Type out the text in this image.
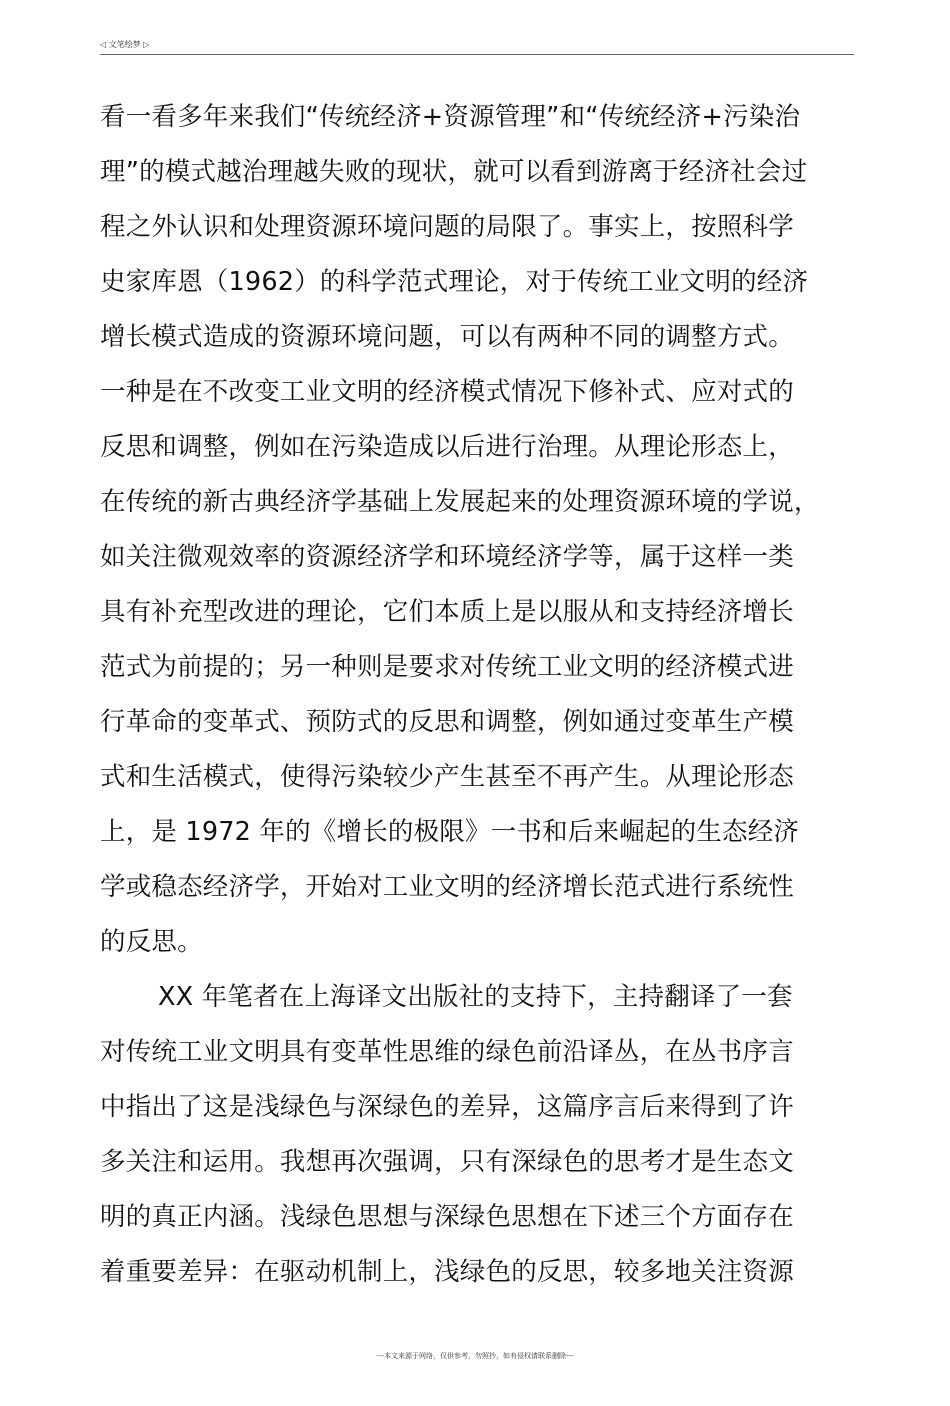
◁ 文笔绘梦 ▷
看一看多年来我们“传统经济+资源管理”和“传统经济+污染治
理”的模式越治理越失败的现状，就可以看到游离于经济社会过
程之外认识和处理资源环境问题的局限了。事实上，按照科学
史家库恩（1962）的科学范式理论，对于传统工业文明的经济
增长模式造成的资源环境问题，可以有两种不同的调整方式。
一种是在不改变工业文明的经济模式情况下修补式、应对式的
反思和调整，例如在污染造成以后进行治理。从理论形态上，
在传统的新古典经济学基础上发展起来的处理资源环境的学说，
如关注微观效率的资源经济学和环境经济学等，属于这样一类
具有补充型改进的理论，它们本质上是以服从和支持经济增长
范式为前提的；另一种则是要求对传统工业文明的经济模式进
行革命的变革式、预防式的反思和调整，例如通过变革生产模
式和生活模式，使得污染较少产生甚至不再产生。从理论形态
上，是 1972 年的《增长的极限》一书和后来崛起的生态经济
学或稳态经济学，开始对工业文明的经济增长范式进行系统性
的反思。
XX 年笔者在上海译文出版社的支持下，主持翻译了一套
对传统工业文明具有变革性思维的绿色前沿译丛，在丛书序言
中指出了这是浅绿色与深绿色的差异，这篇序言后来得到了许
多关注和运用。我想再次强调，只有深绿色的思考才是生态文
明的真正内涵。浅绿色思想与深绿色思想在下述三个方面存在
着重要差异：在驱动机制上，浅绿色的反思，较多地关注资源
---本文来源于网络，仅供参考，勿照抄，如有侵权请联系删除---
